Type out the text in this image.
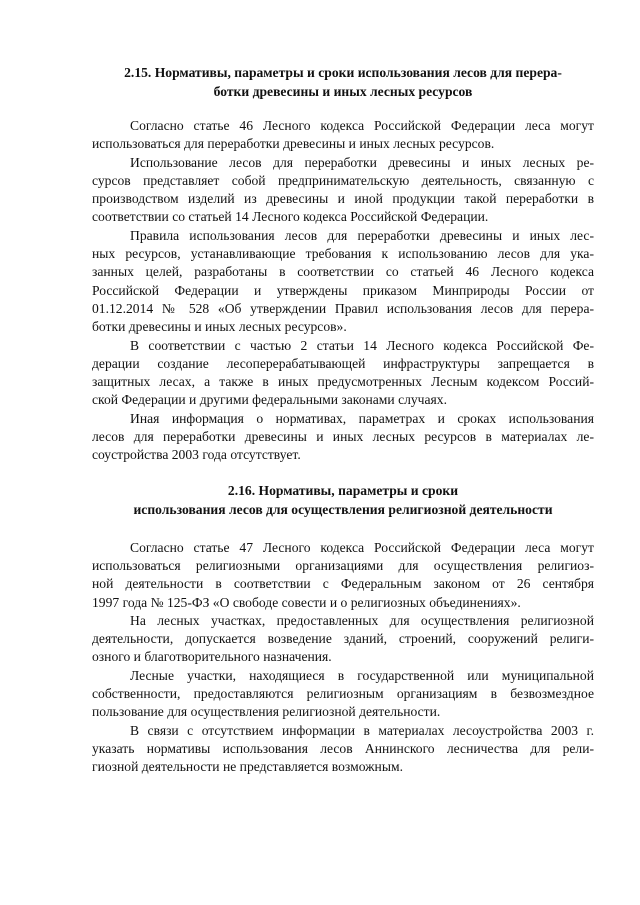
2.15. Нормативы, параметры и сроки использования лесов для перера-
ботки древесины и иных лесных ресурсов

Согласно статье 46 Лесного кодекса Российской Федерации леса могут
использоваться для переработки древесины и иных лесных ресурсов.

Использование лесов для переработки древесины и иных лесных ре-
сурсов представляет собой предпринимательскую деятельность, связанную с
производством изделий из древесины и иной продукции такой переработки в
соответствии со статьей 14 Лесного кодекса Российской Федерации.

Правила использования лесов для переработки древесины и иных лес-
ных ресурсов, устанавливающие требования к использованию лесов для ука-
занных целей, разработаны в соответствии со статьей 46 Лесного кодекса
Российской Федерации и утверждены приказом Минприроды России от
01.12.2014 № 528 «Об утверждении Правил использования лесов для перера-
ботки древесины и иных лесных ресурсов».

В соответствии с частью 2 статьи 14 Лесного кодекса Российской Фе-
дерации создание лесоперерабатывающей инфраструктуры запрещается в
защитных лесах, а также в иных предусмотренных Лесным кодексом Россий-
ской Федерации и другими федеральными законами случаях.

Иная информация о нормативах, параметрах и сроках использования
лесов для переработки древесины и иных лесных ресурсов в материалах ле-
соустройства 2003 года отсутствует.

2.16. Нормативы, параметры и сроки
использования лесов для осуществления религиозной деятельности

Согласно статье 47 Лесного кодекса Российской Федерации леса могут
использоваться религиозными организациями для осуществления религиоз-
ной деятельности в соответствии с Федеральным законом от 26 сентября
1997 года № 125-ФЗ «О свободе совести и о религиозных объединениях».

На лесных участках, предоставленных для осуществления религиозной
деятельности, допускается возведение зданий, строений, сооружений религи-
озного и благотворительного назначения.

Лесные участки, находящиеся в государственной или муниципальной
собственности, предоставляются религиозным организациям в безвозмездное
пользование для осуществления религиозной деятельности.

В связи с отсутствием информации в материалах лесоустройства 2003 г.
указать нормативы использования лесов Аннинского лесничества для рели-
гиозной деятельности не представляется возможным.
